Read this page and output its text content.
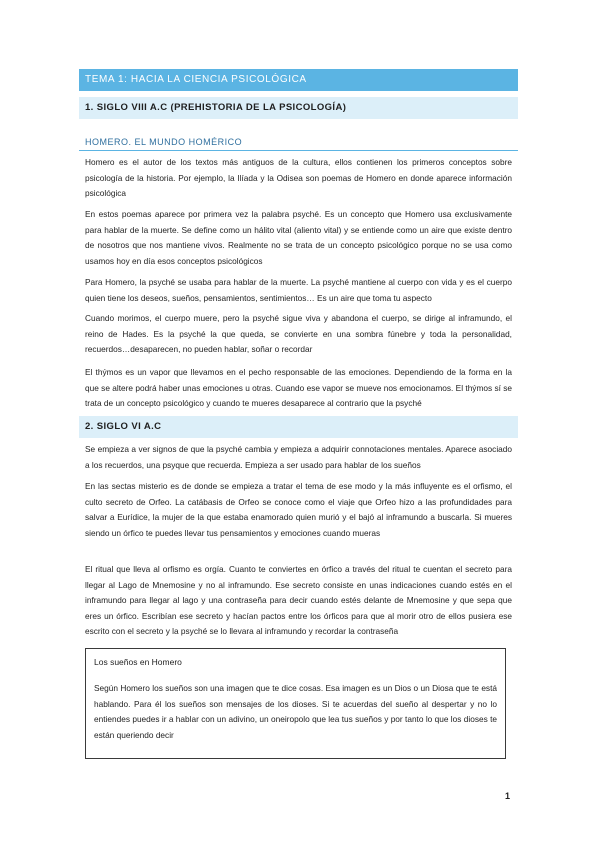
TEMA 1: HACIA LA CIENCIA PSICOLÓGICA
1. SIGLO VIII A.C (PREHISTORIA DE LA PSICOLOGÍA)
HOMERO. EL MUNDO HOMÉRICO

Homero es el autor de los textos más antiguos de la cultura, ellos contienen los primeros conceptos sobre psicología de la historia. Por ejemplo, la Ilíada y la Odisea son poemas de Homero en donde aparece información psicológica

En estos poemas aparece por primera vez la palabra psyché. Es un concepto que Homero usa exclusivamente para hablar de la muerte. Se define como un hálito vital (aliento vital) y se entiende como un aire que existe dentro de nosotros que nos mantiene vivos. Realmente no se trata de un concepto psicológico porque no se usa como usamos hoy en día esos conceptos psicológicos

Para Homero, la psyché se usaba para hablar de la muerte. La psyché mantiene al cuerpo con vida y es el cuerpo quien tiene los deseos, sueños, pensamientos, sentimientos… Es un aire que toma tu aspecto

Cuando morimos, el cuerpo muere, pero la psyché sigue viva y abandona el cuerpo, se dirige al inframundo, el reino de Hades. Es la psyché la que queda, se convierte en una sombra fúnebre y toda la personalidad, recuerdos…desaparecen, no pueden hablar, soñar o recordar

El thýmos es un vapor que llevamos en el pecho responsable de las emociones. Dependiendo de la forma en la que se altere podrá haber unas emociones u otras. Cuando ese vapor se mueve nos emocionamos. El thýmos sí se trata de un concepto psicológico y cuando te mueres desaparece al contrario que la psyché

2. SIGLO VI A.C

Se empieza a ver signos de que la psyché cambia y empieza a adquirir connotaciones mentales. Aparece asociado a los recuerdos, una psyque que recuerda. Empieza a ser usado para hablar de los sueños

En las sectas misterio es de donde se empieza a tratar el tema de ese modo y la más influyente es el orfismo, el culto secreto de Orfeo. La catábasis de Orfeo se conoce como el viaje que Orfeo hizo a las profundidades para salvar a Eurídice, la mujer de la que estaba enamorado quien murió y el bajó al inframundo a buscarla. Si mueres siendo un órfico te puedes llevar tus pensamientos y emociones cuando mueras

El ritual que lleva al orfismo es orgía. Cuanto te conviertes en órfico a través del ritual te cuentan el secreto para llegar al Lago de Mnemosine y no al inframundo. Ese secreto consiste en unas indicaciones cuando estés en el inframundo para llegar al lago y una contraseña para decir cuando estés delante de Mnemosine y que sepa que eres un órfico. Escribían ese secreto y hacían pactos entre los órficos para que al morir otro de ellos pusiera ese escrito con el secreto y la psyché se lo llevara al inframundo y recordar la contraseña

Los sueños en Homero
Según Homero los sueños son una imagen que te dice cosas. Esa imagen es un Dios o un Diosa que te está hablando. Para él los sueños son mensajes de los dioses. Si te acuerdas del sueño al despertar y no lo entiendes puedes ir a hablar con un adivino, un oneiropolo que lea tus sueños y por tanto lo que los dioses te están queriendo decir
1
